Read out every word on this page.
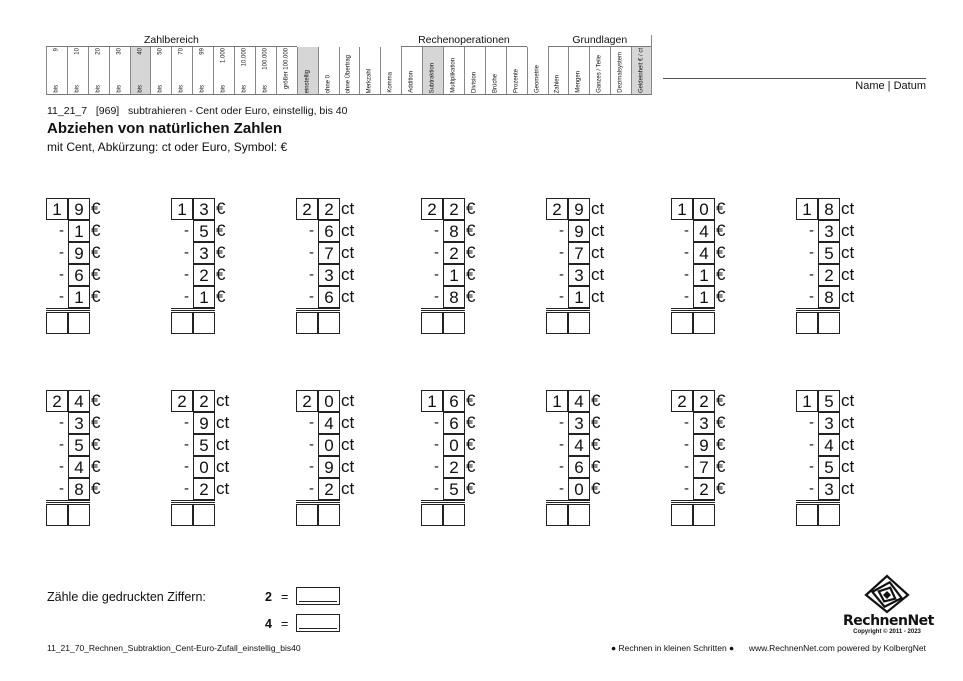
9
bis
10
bis
20
bis
30
bis
40
bis
50
bis
70
bis
99
bis
1.000
bis
10.000
bis
100.000
bis
größer 100.000 einstellig ohne 0 ohne Übertrag Merkzahl Komma Addition Subtraktion Multiplikation Division Brüche Prozente Geometrie Zahlen Mengen Ganzes / Teile Dezimalsystem Geldeinheit € / ct
Zahlbereich	Rechenoperationen	Grundlagen
Name | Datum
11_21_7 [969] subtrahieren - Cent oder Euro, einstellig, bis 40
Abziehen von natürlichen Zahlen
mit Cent, Abkürzung: ct oder Euro, Symbol: €
1 9 €
- 1 €
- 9 €
- 6 €
- 1 €
1 3 €
- 5 €
- 3 €
- 2 €
- 1 €
2 2 ct
- 6 ct
- 7 ct
- 3 ct
- 6 ct
2 2 €
- 8 €
- 2 €
- 1 €
- 8 €
2 9 ct
- 9 ct
- 7 ct
- 3 ct
- 1 ct
1 0 €
- 4 €
- 4 €
- 1 €
- 1 €
1 8 ct
- 3 ct
- 5 ct
- 2 ct
- 8 ct
2 4 €
- 3 €
- 5 €
- 4 €
- 8 €
2 2 ct
- 9 ct
- 5 ct
- 0 ct
- 2 ct
2 0 ct
- 4 ct
- 0 ct
- 9 ct
- 2 ct
1 6 €
- 6 €
- 0 €
- 2 €
- 5 €
1 4 €
- 3 €
- 4 €
- 6 €
- 0 €
2 2 €
- 3 €
- 9 €
- 7 €
- 2 €
1 5 ct
- 3 ct
- 4 ct
- 5 ct
- 3 ct
Zähle die gedruckten Ziffern:	2 =
4 =	RechnenNet
Copyright © 2011 - 2023
11_21_70_Rechnen_Subtraktion_Cent-Euro-Zufall_einstellig_bis40	● Rechnen in kleinen Schritten ● www.RechnenNet.com powered by KolbergNet
